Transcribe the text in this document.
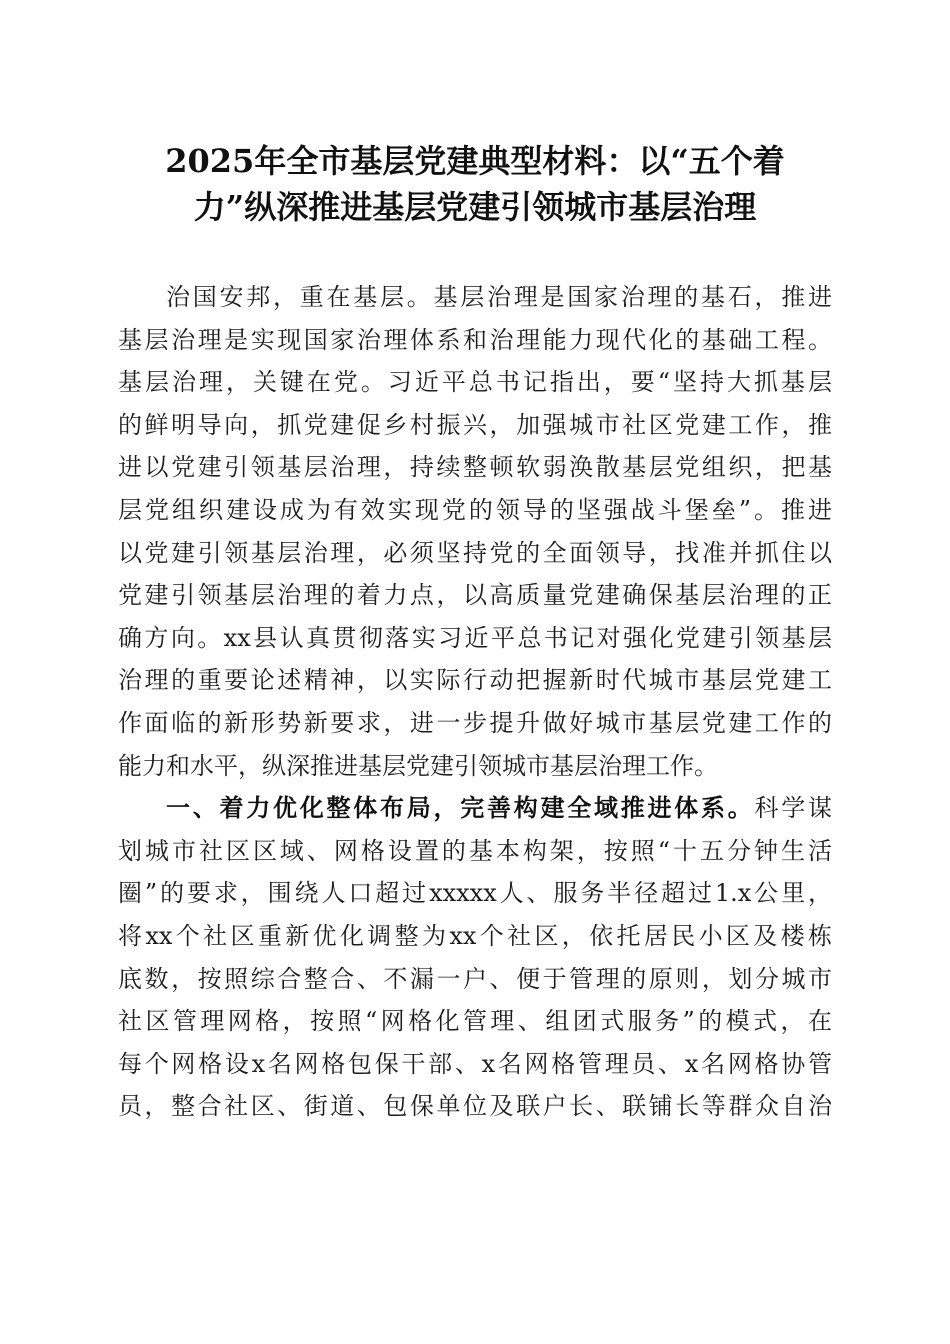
2025年全市基层党建典型材料：以“五个着
力”纵深推进基层党建引领城市基层治理
治国安邦，重在基层。基层治理是国家治理的基石，推进
基层治理是实现国家治理体系和治理能力现代化的基础工程。
基层治理，关键在党。习近平总书记指出，要“坚持大抓基层
的鲜明导向，抓党建促乡村振兴，加强城市社区党建工作，推
进以党建引领基层治理，持续整顿软弱涣散基层党组织，把基
层党组织建设成为有效实现党的领导的坚强战斗堡垒”。推进
以党建引领基层治理，必须坚持党的全面领导，找准并抓住以
党建引领基层治理的着力点，以高质量党建确保基层治理的正
确方向。xx县认真贯彻落实习近平总书记对强化党建引领基层
治理的重要论述精神，以实际行动把握新时代城市基层党建工
作面临的新形势新要求，进一步提升做好城市基层党建工作的
能力和水平，纵深推进基层党建引领城市基层治理工作。
一、着力优化整体布局，完善构建全域推进体系。科学谋
划城市社区区域、网格设置的基本构架，按照“十五分钟生活
圈”的要求，围绕人口超过xxxxx人、服务半径超过1.x公里，
将xx个社区重新优化调整为xx个社区，依托居民小区及楼栋
底数，按照综合整合、不漏一户、便于管理的原则，划分城市
社区管理网格，按照“网格化管理、组团式服务”的模式，在
每个网格设x名网格包保干部、x名网格管理员、x名网格协管
员，整合社区、街道、包保单位及联户长、联铺长等群众自治
